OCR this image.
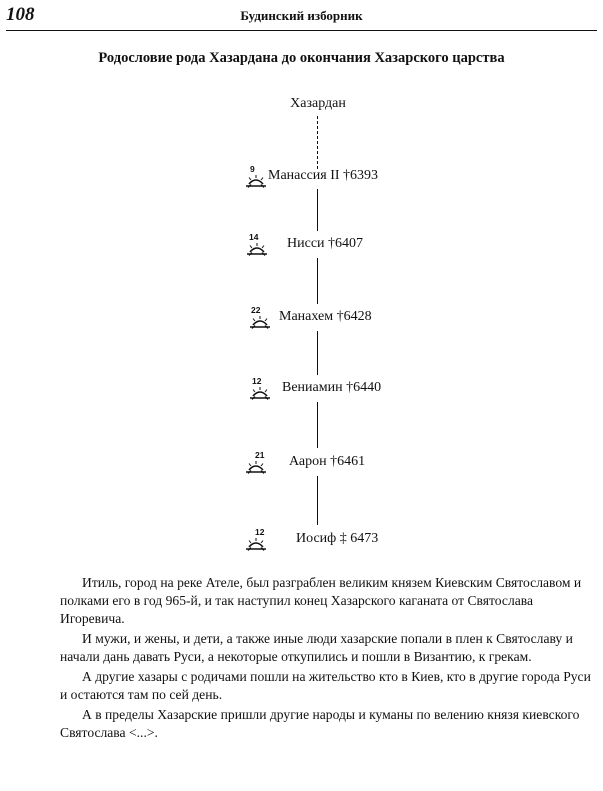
108	Будинский изборник
Родословие рода Хазардана до окончания Хазарского царства
Хазардан
9 Манассия II †6393
14 Нисси †6407
22 Манахем †6428
12 Вениамин †6440
21 Аарон †6461
12 Иосиф ‡ 6473

Итиль, город на реке Ателе, был разграблен великим князем Киевским Святославом и полками его в год 965-й, и так наступил конец Хазарского каганата от Святослава Игоревича.

И мужи, и жены, и дети, а также иные люди хазарские попали в плен к Святославу и начали дань давать Руси, а некоторые откупились и пошли в Византию, к грекам.

А другие хазары с родичами пошли на жительство кто в Киев, кто в другие города Руси и остаются там по сей день.

А в пределы Хазарские пришли другие народы и куманы по велению князя киевского Святослава <...>.
